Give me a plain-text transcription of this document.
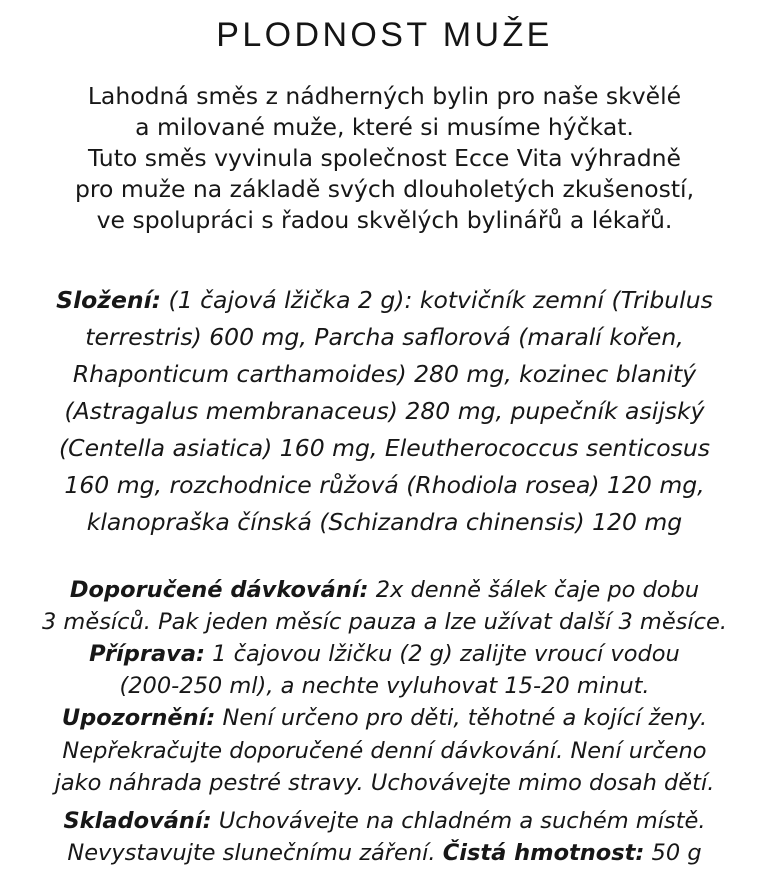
PLODNOST MUŽE
Lahodná směs z nádherných bylin pro naše skvělé
a milované muže, které si musíme hýčkat.
Tuto směs vyvinula společnost Ecce Vita výhradně
pro muže na základě svých dlouholetých zkušeností,
ve spolupráci s řadou skvělých bylinářů a lékařů.
Složení: (1 čajová lžička 2 g): kotvičník zemní (Tribulus
terrestris) 600 mg, Parcha saflorová (maralí kořen,
Rhaponticum carthamoides) 280 mg, kozinec blanitý
(Astragalus membranaceus) 280 mg, pupečník asijský
(Centella asiatica) 160 mg, Eleutherococcus senticosus
160 mg, rozchodnice růžová (Rhodiola rosea) 120 mg,
klanopraška čínská (Schizandra chinensis) 120 mg
Doporučené dávkování: 2x denně šálek čaje po dobu
3 měsíců. Pak jeden měsíc pauza a lze užívat další 3 měsíce.
Příprava: 1 čajovou lžičku (2 g) zalijte vroucí vodou
(200-250 ml), a nechte vyluhovat 15-20 minut.
Upozornění: Není určeno pro děti, těhotné a kojící ženy.
Nepřekračujte doporučené denní dávkování. Není určeno
jako náhrada pestré stravy. Uchovávejte mimo dosah dětí.
Skladování: Uchovávejte na chladném a suchém místě.
Nevystavujte slunečnímu záření. Čistá hmotnost: 50 g
